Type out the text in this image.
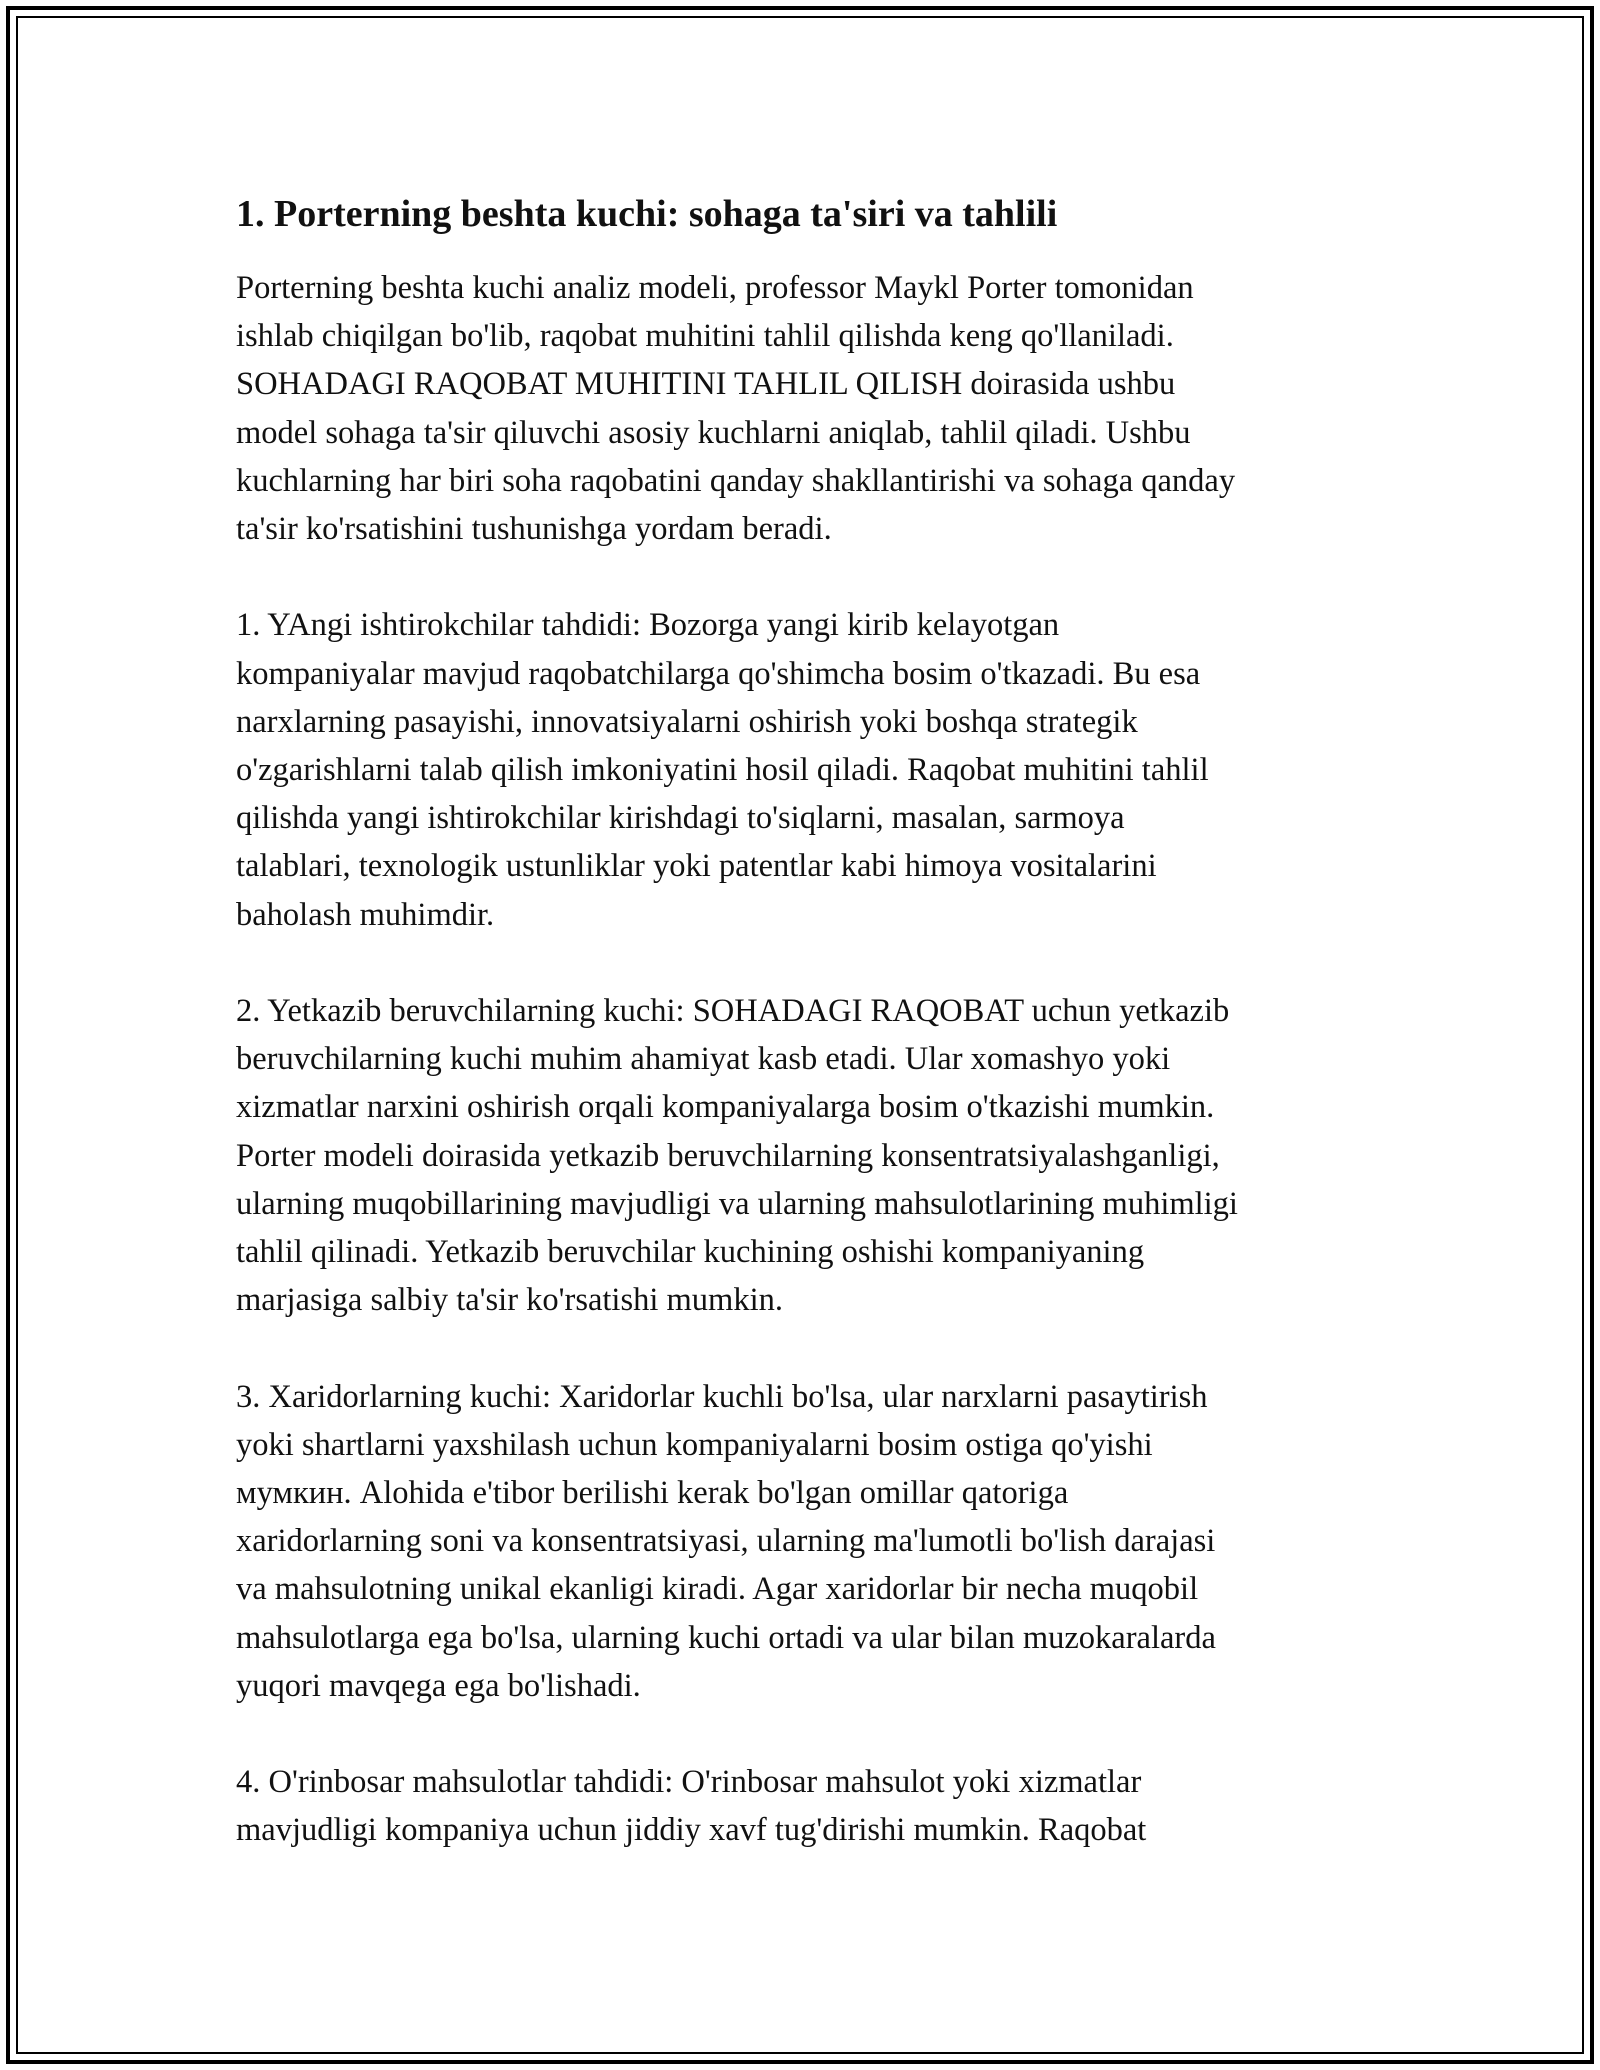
1. Porterning beshta kuchi: sohaga ta'siri va tahlili
Porterning beshta kuchi analiz modeli, professor Maykl Porter tomonidan
ishlab chiqilgan bo'lib, raqobat muhitini tahlil qilishda keng qo'llaniladi.
SOHADAGI RAQOBAT MUHITINI TAHLIL QILISH doirasida ushbu
model sohaga ta'sir qiluvchi asosiy kuchlarni aniqlab, tahlil qiladi. Ushbu
kuchlarning har biri soha raqobatini qanday shakllantirishi va sohaga qanday
ta'sir ko'rsatishini tushunishga yordam beradi.
1. YAngi ishtirokchilar tahdidi: Bozorga yangi kirib kelayotgan
kompaniyalar mavjud raqobatchilarga qo'shimcha bosim o'tkazadi. Bu esa
narxlarning pasayishi, innovatsiyalarni oshirish yoki boshqa strategik
o'zgarishlarni talab qilish imkoniyatini hosil qiladi. Raqobat muhitini tahlil
qilishda yangi ishtirokchilar kirishdagi to'siqlarni, masalan, sarmoya
talablari, texnologik ustunliklar yoki patentlar kabi himoya vositalarini
baholash muhimdir.
2. Yetkazib beruvchilarning kuchi: SOHADAGI RAQOBAT uchun yetkazib
beruvchilarning kuchi muhim ahamiyat kasb etadi. Ular xomashyo yoki
xizmatlar narxini oshirish orqali kompaniyalarga bosim o'tkazishi mumkin.
Porter modeli doirasida yetkazib beruvchilarning konsentratsiyalashganligi,
ularning muqobillarining mavjudligi va ularning mahsulotlarining muhimligi
tahlil qilinadi. Yetkazib beruvchilar kuchining oshishi kompaniyaning
marjasiga salbiy ta'sir ko'rsatishi mumkin.
3. Xaridorlarning kuchi: Xaridorlar kuchli bo'lsa, ular narxlarni pasaytirish
yoki shartlarni yaxshilash uchun kompaniyalarni bosim ostiga qo'yishi
мумкин. Alohida e'tibor berilishi kerak bo'lgan omillar qatoriga
xaridorlarning soni va konsentratsiyasi, ularning ma'lumotli bo'lish darajasi
va mahsulotning unikal ekanligi kiradi. Agar xaridorlar bir necha muqobil
mahsulotlarga ega bo'lsa, ularning kuchi ortadi va ular bilan muzokaralarda
yuqori mavqega ega bo'lishadi.
4. O'rinbosar mahsulotlar tahdidi: O'rinbosar mahsulot yoki xizmatlar
mavjudligi kompaniya uchun jiddiy xavf tug'dirishi mumkin. Raqobat
